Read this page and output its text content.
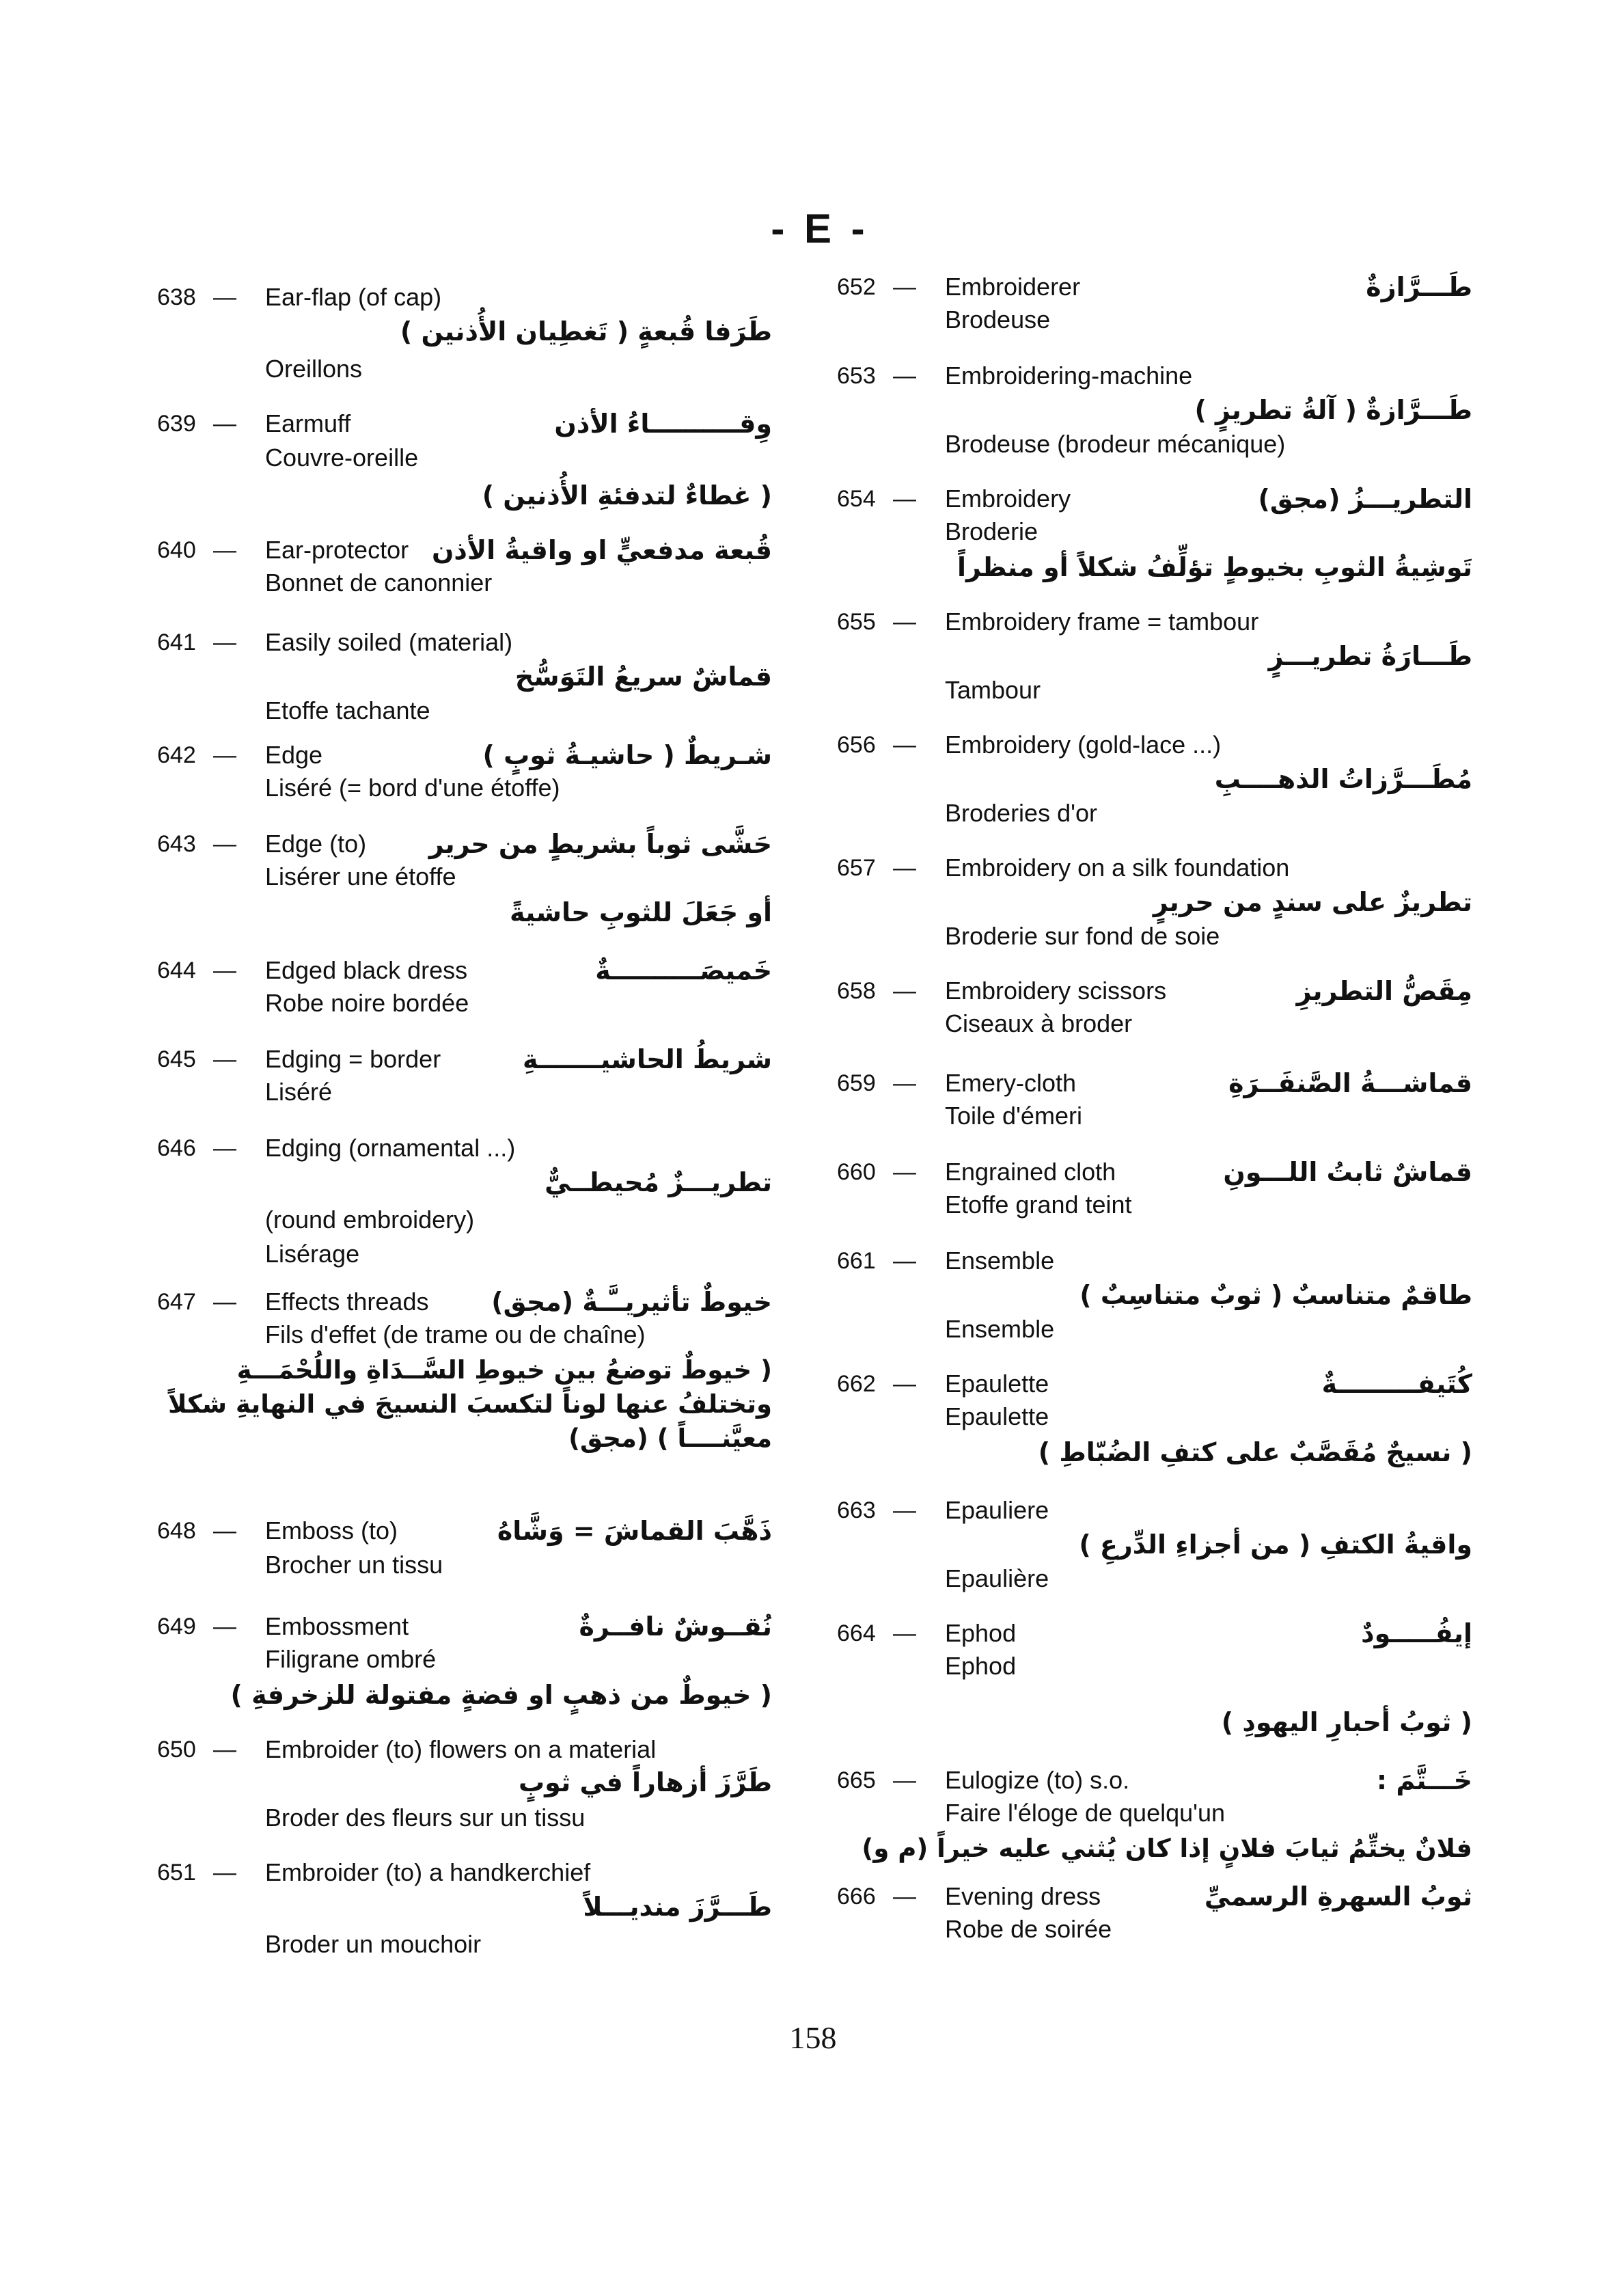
- E -
638 — Ear-flap (of cap)
طَرَفا قُبعةٍ ( تَغطِيان الأُذنين )
Oreillons
639 — Earmuff	وِقــــــــــاءُ الأذن
Couvre-oreille
( غطاءٌ لتدفئةِ الأُذنين )
640 — Ear-protector قُبعة مدفعيٍّ او واقيةُ الأذن
Bonnet de canonnier
641 — Easily soiled (material)
قماشٌ سريعُ التَوَسُّخ
Etoffe tachante
642 — Edge	شـريطٌ ( حاشيـةُ ثوبٍ )
Liséré (= bord d'une étoffe)
643 — Edge (to) حَشَّى ثوباً بشريطٍ من حرير
Lisérer une étoffe
أو جَعَلَ للثوبِ حاشيةً
644 — Edged black dress	خَميصَــــــــــةٌ
Robe noire bordée
645 — Edging = border	شريطُ الحاشيـــــــةِ
Liséré
646 — Edging (ornamental ...)
تطريـــزٌ مُحيطــيٌّ
(round embroidery)
Lisérage
647 — Effects threads خيوطٌ تأثيريــَّـةٌ (مجق)
Fils d'effet (de trame ou de chaîne)
( خيوطٌ توضعُ بين خيوطِ السَّــدَاةِ واللُحْمَـــةِ
وتختلفُ عنها لوناً لتكسبَ النسيجَ في النهايةِ شكلاً
معيَّنــــاً ) (مجق)
648 — Emboss (to)	ذَهَّبَ القماشَ = وَشَّاهُ
Brocher un tissu
649 — Embossment	نُقــوشٌ نافــرةٌ
Filigrane ombré
( خيوطٌ من ذهبٍ او فضةٍ مفتولة للزخرفةِ )
650 — Embroider (to) flowers on a material
طَرَّزَ أزهاراً في ثوبٍ
Broder des fleurs sur un tissu
651 — Embroider (to) a handkerchief
طَـــرَّزَ منديـــلاً
Broder un mouchoir
652 — Embroiderer	طَـــرَّازةٌ
Brodeuse
653 — Embroidering-machine
طَـــرَّازةٌ ( آلةُ تطريزٍ )
Brodeuse (brodeur mécanique)
654 — Embroidery	التطريـــزُ (مجق)
Broderie
تَوشِيةُ الثوبِ بخيوطٍ تؤلِّفُ شكلاً أو منظراً
655 — Embroidery frame = tambour
طَـــارَةُ تطريـــزٍ
Tambour
656 — Embroidery (gold-lace ...)
مُطَـــرَّزاتُ الذهــــبِ
Broderies d'or
657 — Embroidery on a silk foundation
تطريزٌ على سندٍ من حريرٍ
Broderie sur fond de soie
658 — Embroidery scissors	مِقَصُّ التطريزِ
Ciseaux à broder
659 — Emery-cloth	قماشـــةُ الصَّنفَــرَةِ
Toile d'émeri
660 — Engrained cloth	قماشٌ ثابتُ اللـــونِ
Etoffe grand teint
661 — Ensemble
طاقمٌ متناسبٌ ( ثوبٌ متناسِبٌ )
Ensemble
662 — Epaulette	كُتَيفـــــــــةٌ
Epaulette
( نسيجٌ مُقَصَّبٌ على كتفِ الضُبّاطِ )
663 — Epauliere
واقيةُ الكتفِ ( من أجزاءِ الدِّرعِ )
Epaulière
664 — Ephod	إيفُـــــودٌ
Ephod
( ثوبُ أحبارِ اليهودِ )
665 — Eulogize (to) s.o.	خَـــتَّمَ :
Faire l'éloge de quelqu'un
فلانٌ يختِّمُ ثيابَ فلانٍ إذا كان يُثني عليه خيراً (م و)
666 — Evening dress	ثوبُ السهرةِ الرسميِّ
Robe de soirée
158
